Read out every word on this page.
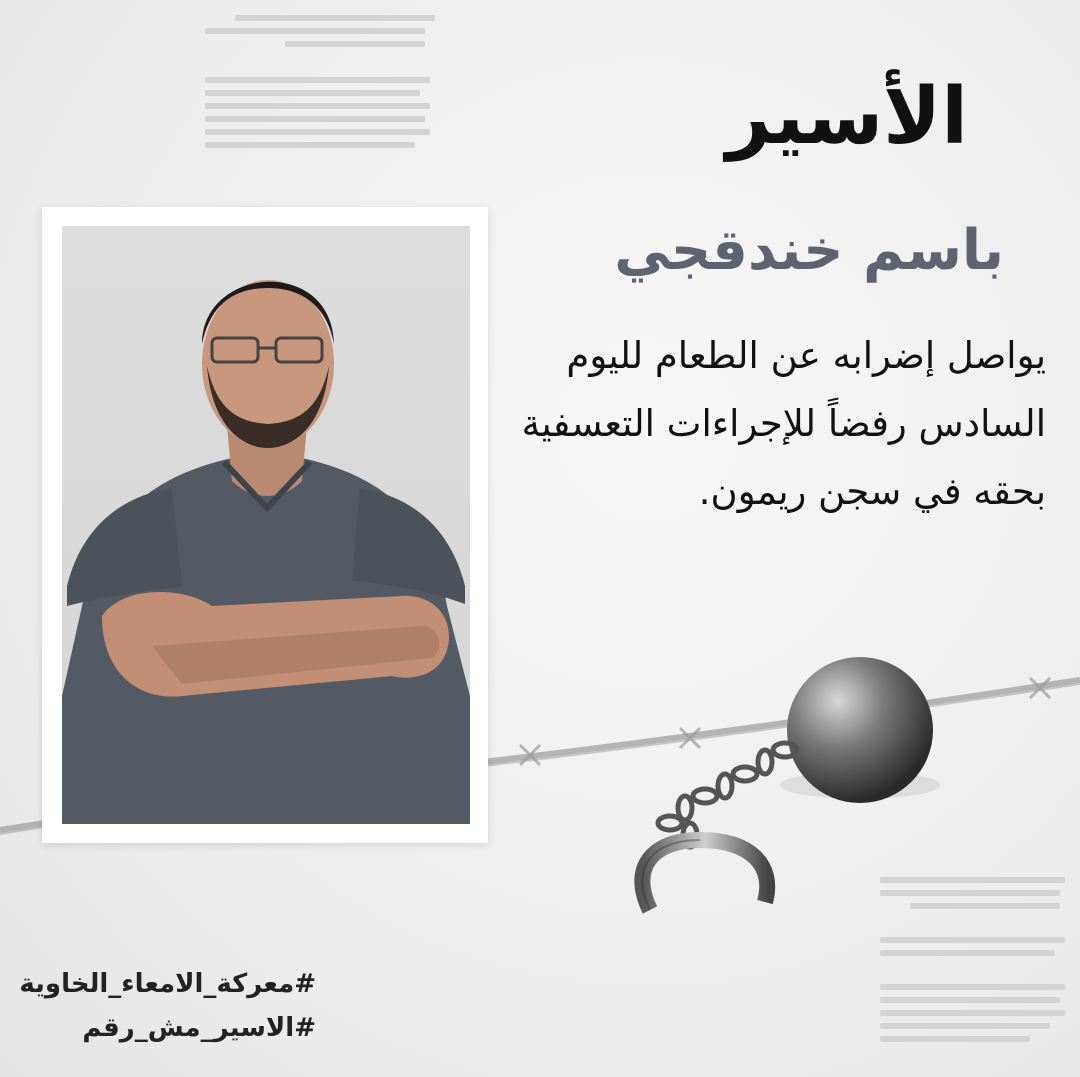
الأسير
باسم خندقجي
يواصل إضرابه عن الطعام لليوم
السادس رفضاً للإجراءات التعسفية
بحقه في سجن ريمون.
#معركة_الامعاء_الخاوية
#الاسير_مش_رقم
